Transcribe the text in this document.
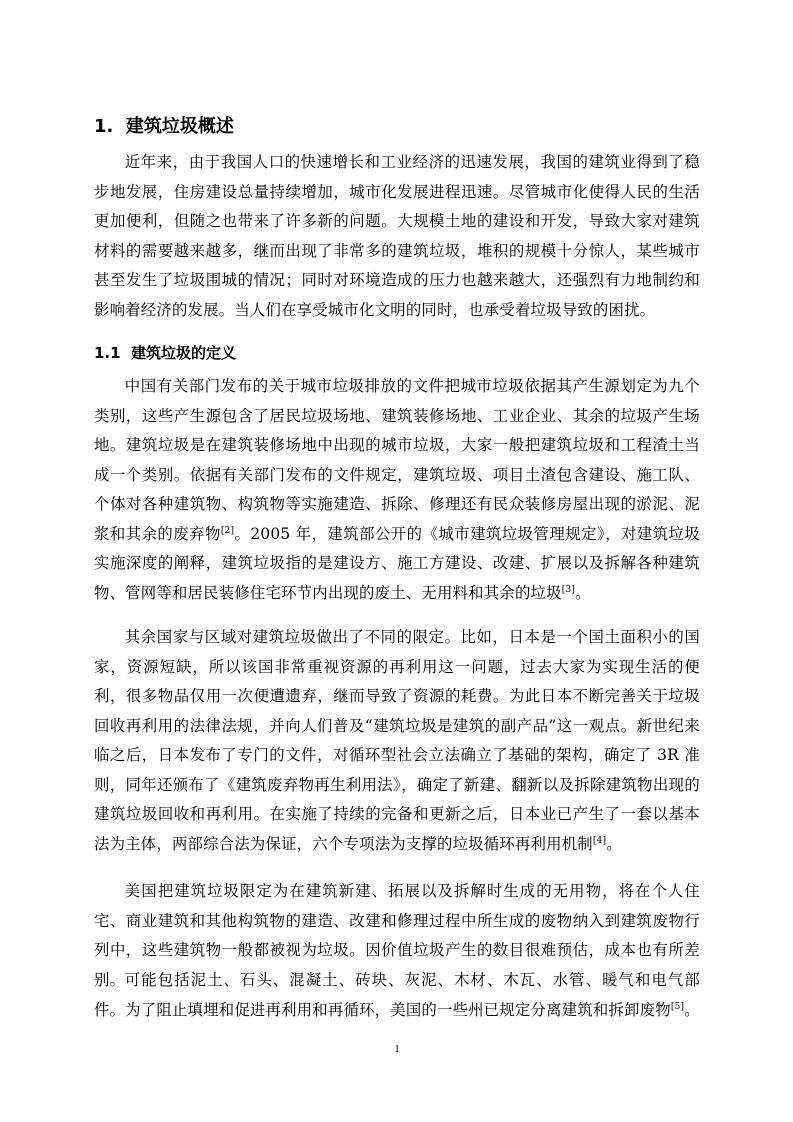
1. 建筑垃圾概述

近年来，由于我国人口的快速增长和工业经济的迅速发展，我国的建筑业得到了稳步地发展，住房建设总量持续增加，城市化发展进程迅速。尽管城市化使得人民的生活更加便利，但随之也带来了许多新的问题。大规模土地的建设和开发，导致大家对建筑材料的需要越来越多，继而出现了非常多的建筑垃圾，堆积的规模十分惊人，某些城市甚至发生了垃圾围城的情况；同时对环境造成的压力也越来越大，还强烈有力地制约和影响着经济的发展。当人们在享受城市化文明的同时，也承受着垃圾导致的困扰。

1.1 建筑垃圾的定义

中国有关部门发布的关于城市垃圾排放的文件把城市垃圾依据其产生源划定为九个类别，这些产生源包含了居民垃圾场地、建筑装修场地、工业企业、其余的垃圾产生场地。建筑垃圾是在建筑装修场地中出现的城市垃圾，大家一般把建筑垃圾和工程渣土当成一个类别。依据有关部门发布的文件规定，建筑垃圾、项目土渣包含建设、施工队、个体对各种建筑物、构筑物等实施建造、拆除、修理还有民众装修房屋出现的淤泥、泥浆和其余的废弃物[2]。2005 年，建筑部公开的《城市建筑垃圾管理规定》，对建筑垃圾实施深度的阐释，建筑垃圾指的是建设方、施工方建设、改建、扩展以及拆解各种建筑物、管网等和居民装修住宅环节内出现的废土、无用料和其余的垃圾[3]。

其余国家与区域对建筑垃圾做出了不同的限定。比如，日本是一个国土面积小的国家，资源短缺，所以该国非常重视资源的再利用这一问题，过去大家为实现生活的便利，很多物品仅用一次便遭遗弃，继而导致了资源的耗费。为此日本不断完善关于垃圾回收再利用的法律法规，并向人们普及“建筑垃圾是建筑的副产品”这一观点。新世纪来临之后，日本发布了专门的文件，对循环型社会立法确立了基础的架构，确定了 3R 准则，同年还颁布了《建筑废弃物再生利用法》，确定了新建、翻新以及拆除建筑物出现的建筑垃圾回收和再利用。在实施了持续的完备和更新之后，日本业已产生了一套以基本法为主体，两部综合法为保证，六个专项法为支撑的垃圾循环再利用机制[4]。

美国把建筑垃圾限定为在建筑新建、拓展以及拆解时生成的无用物，将在个人住宅、商业建筑和其他构筑物的建造、改建和修理过程中所生成的废物纳入到建筑废物行列中，这些建筑物一般都被视为垃圾。因价值垃圾产生的数目很难预估，成本也有所差别。 可能包括泥土、石头、混凝土、砖块、灰泥、木材、木瓦、水管、暖气和电气部件。为了阻止填埋和促进再利用和再循环，美国的一些州已规定分离建筑和拆卸废物[5]。

1
